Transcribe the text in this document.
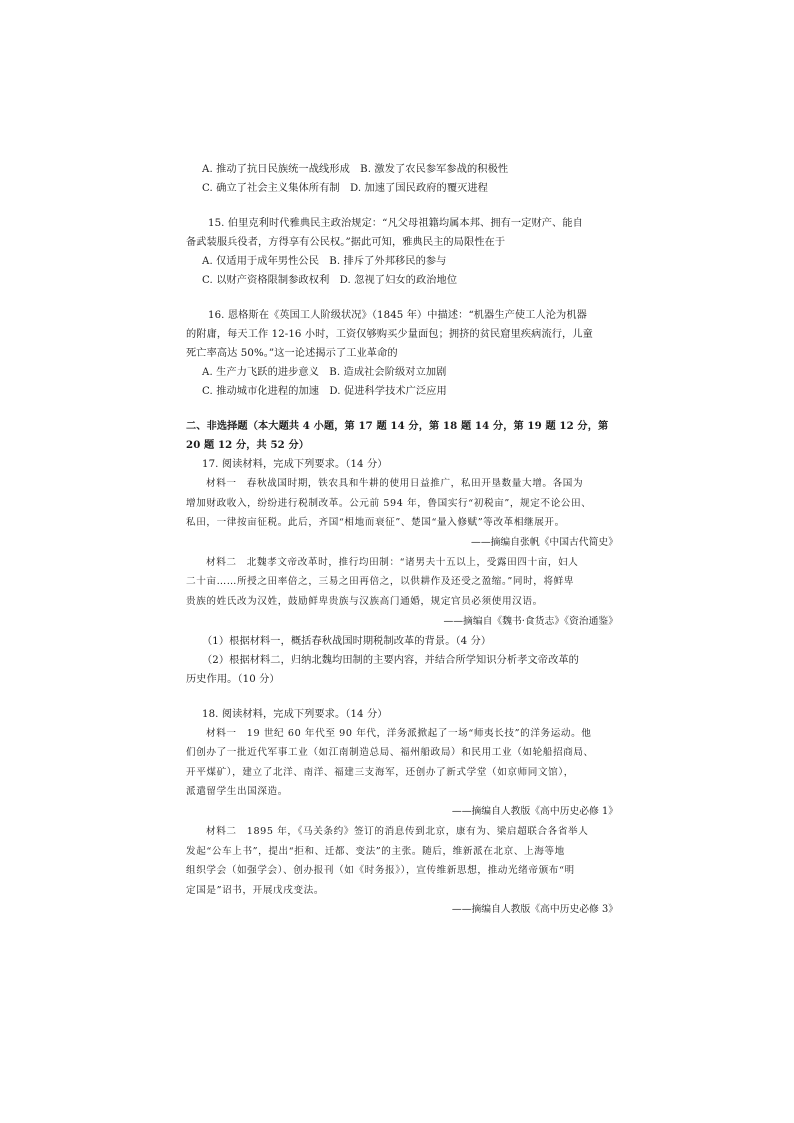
A. 推动了抗日民族统一战线形成　B. 激发了农民参军参战的积极性
C. 确立了社会主义集体所有制　D. 加速了国民政府的覆灭进程
15. 伯里克利时代雅典民主政治规定：“凡父母祖籍均属本邦、拥有一定财产、能自
备武装服兵役者，方得享有公民权。”据此可知，雅典民主的局限性在于
A. 仅适用于成年男性公民　B. 排斥了外邦移民的参与
C. 以财产资格限制参政权利　D. 忽视了妇女的政治地位
16. 恩格斯在《英国工人阶级状况》（1845 年）中描述：“机器生产使工人沦为机器
的附庸，每天工作 12-16 小时，工资仅够购买少量面包；拥挤的贫民窟里疾病流行，儿童
死亡率高达 50%。”这一论述揭示了工业革命的
A. 生产力飞跃的进步意义　B. 造成社会阶级对立加剧
C. 推动城市化进程的加速　D. 促进科学技术广泛应用
二、非选择题（本大题共 4 小题，第 17 题 14 分，第 18 题 14 分，第 19 题 12 分，第
20 题 12 分，共 52 分）
17. 阅读材料，完成下列要求。（14 分）
材料一　春秋战国时期，铁农具和牛耕的使用日益推广，私田开垦数量大增。各国为
增加财政收入，纷纷进行税制改革。公元前 594 年，鲁国实行“初税亩”，规定不论公田、
私田，一律按亩征税。此后，齐国“相地而衰征”、楚国“量入修赋”等改革相继展开。
——摘编自张帆《中国古代简史》
材料二　北魏孝文帝改革时，推行均田制：“诸男夫十五以上，受露田四十亩，妇人
二十亩……所授之田率倍之，三易之田再倍之，以供耕作及还受之盈缩。”同时，将鲜卑
贵族的姓氏改为汉姓，鼓励鲜卑贵族与汉族高门通婚，规定官员必须使用汉语。
——摘编自《魏书·食货志》《资治通鉴》
（1）根据材料一，概括春秋战国时期税制改革的背景。（4 分）
（2）根据材料二，归纳北魏均田制的主要内容，并结合所学知识分析孝文帝改革的
历史作用。（10 分）
18. 阅读材料，完成下列要求。（14 分）
材料一　19 世纪 60 年代至 90 年代，洋务派掀起了一场“师夷长技”的洋务运动。他
们创办了一批近代军事工业（如江南制造总局、福州船政局）和民用工业（如轮船招商局、
开平煤矿），建立了北洋、南洋、福建三支海军，还创办了新式学堂（如京师同文馆），
派遣留学生出国深造。
——摘编自人教版《高中历史必修 1》
材料二　1895 年，《马关条约》签订的消息传到北京，康有为、梁启超联合各省举人
发起“公车上书”，提出“拒和、迁都、变法”的主张。随后，维新派在北京、上海等地
组织学会（如强学会）、创办报刊（如《时务报》），宣传维新思想，推动光绪帝颁布“明
定国是”诏书，开展戊戌变法。
——摘编自人教版《高中历史必修 3》
